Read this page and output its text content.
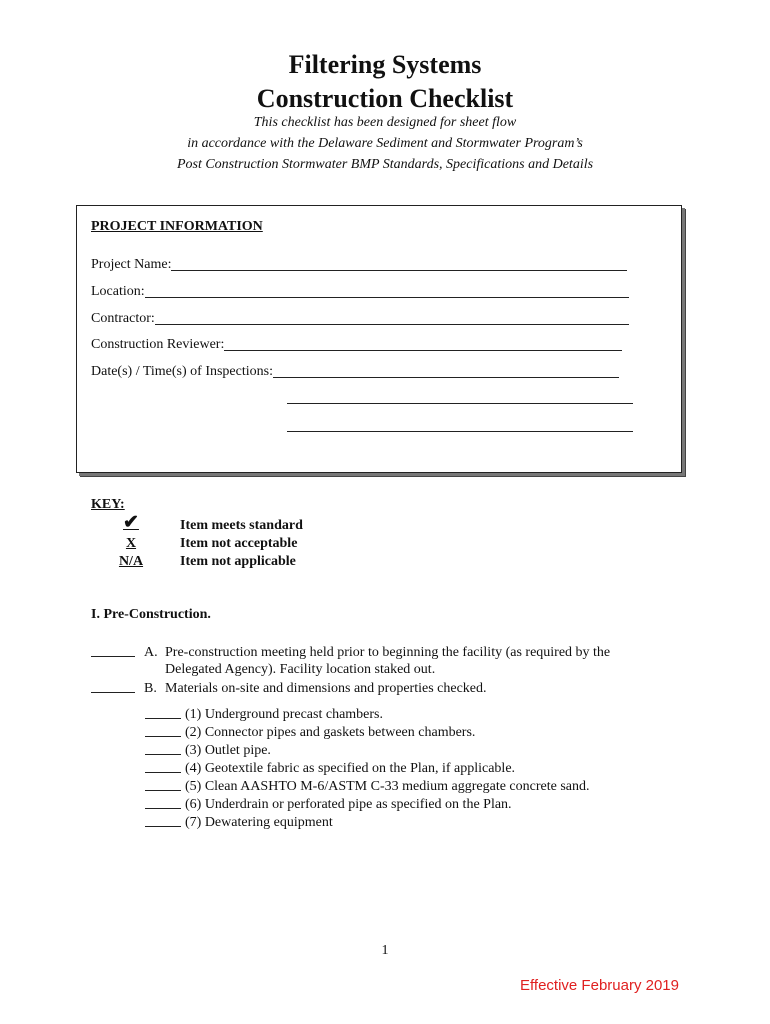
Filtering Systems
Construction Checklist
This checklist has been designed for sheet flow
in accordance with the Delaware Sediment and Stormwater Program’s
Post Construction Stormwater BMP Standards, Specifications and Details
PROJECT INFORMATION
Project Name:
Location:
Contractor:
Construction Reviewer:
Date(s) / Time(s) of Inspections:
KEY:
✔	Item meets standard
X	Item not acceptable
N/A	Item not applicable
I. Pre-Construction.
A. Pre-construction meeting held prior to beginning the facility (as required by the
Delegated Agency). Facility location staked out.
B. Materials on-site and dimensions and properties checked.
(1) Underground precast chambers.
(2) Connector pipes and gaskets between chambers.
(3) Outlet pipe.
(4) Geotextile fabric as specified on the Plan, if applicable.
(5) Clean AASHTO M-6/ASTM C-33 medium aggregate concrete sand.
(6) Underdrain or perforated pipe as specified on the Plan.
(7) Dewatering equipment
1
Effective February 2019
